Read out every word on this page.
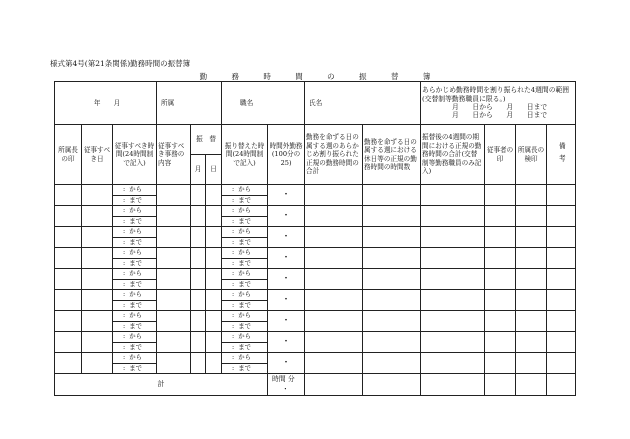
様式第4号(第21条関係)勤務時間の振替簿
勤 務 時 間 の 振 替 簿
年　　月			所属			職名		氏名		あらかじめ勤務時間を割り振られた4週間の範囲(交替制等勤務職員に限る。)
月　　日から　　月　　日まで
月　　日から　　月　　日まで			

所属長の印	従事すべき日	従事すべき時間(24時間制で記入)	従事すべき事務の内容	振　替		振り替えた時間(24時間制で記入)	時間外勤務(100分の25)	勤務を命ずる日の属する週のあらかじめ割り振られた正規の勤務時間の合計	勤務を命ずる日の属する週における休日等の正規の勤務時間の時間数	振替後の4週間の期間における正規の勤務時間の合計(交替制等勤務職員のみ記入)	従事者の印	所属長の検印	備考

				月	日								
		: から				: から	・						
		: まで				: まで							
		: から				: から	・						
		: まで				: まで							
		: から				: から	・						
		: まで				: まで							
		: から				: から	・						
		: まで				: まで							
		: から				: から	・						
		: まで				: まで							
		: から				: から	・						
		: まで				: まで							
		: から				: から	・						
		: まで				: まで							
		: から				: から	・						
		: まで				: まで							
		: から				: から	・						
		: まで				: まで							
計							時間 分
・						
